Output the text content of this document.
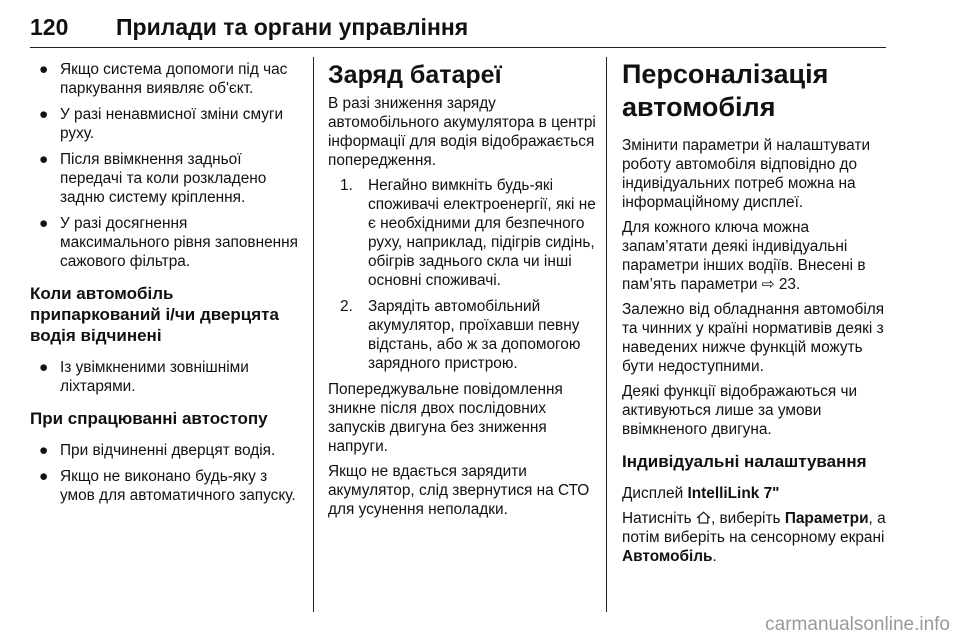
120 Прилади та органи управління
● Якщо система допомоги під час паркування виявляє об'єкт.
● У разі ненавмисної зміни смуги руху.
● Після ввімкнення задньої передачі та коли розкладено задню систему кріплення.
● У разі досягнення максимального рівня заповнення сажового фільтра.
Коли автомобіль припаркований і/чи дверцята водія відчинені
● Із увімкненими зовнішніми ліхтарями.
При спрацюванні автостопу
● При відчиненні дверцят водія.
● Якщо не виконано будь-яку з умов для автоматичного запуску.
Заряд батареї

В разі зниження заряду автомобільного акумулятора в центрі інформації для водія відображається попередження.

1. Негайно вимкніть будь-які споживачі електроенергії, які не є необхідними для безпечного руху, наприклад, підігрів сидінь, обігрів заднього скла чи інші основні споживачі.
2. Зарядіть автомобільний акумулятор, проїхавши певну відстань, або ж за допомогою зарядного пристрою.

Попереджувальне повідомлення зникне після двох послідовних запусків двигуна без зниження напруги.

Якщо не вдається зарядити акумулятор, слід звернутися на СТО для усунення неполадки.

Персоналізація автомобіля

Змінити параметри й налаштувати роботу автомобіля відповідно до індивідуальних потреб можна на інформаційному дисплеї.

Для кожного ключа можна запам’ятати деякі індивідуальні параметри інших водіїв. Внесені в пам’ять параметри ⇨ 23.

Залежно від обладнання автомобіля та чинних у країні нормативів деякі з наведених нижче функцій можуть бути недоступними.

Деякі функції відображаються чи активуються лише за умови ввімкненого двигуна.

Індивідуальні налаштування

Дисплей IntelliLink 7"

Натисніть , виберіть Параметри, а потім виберіть на сенсорному екрані Автомобіль.

carmanualsonline.info
